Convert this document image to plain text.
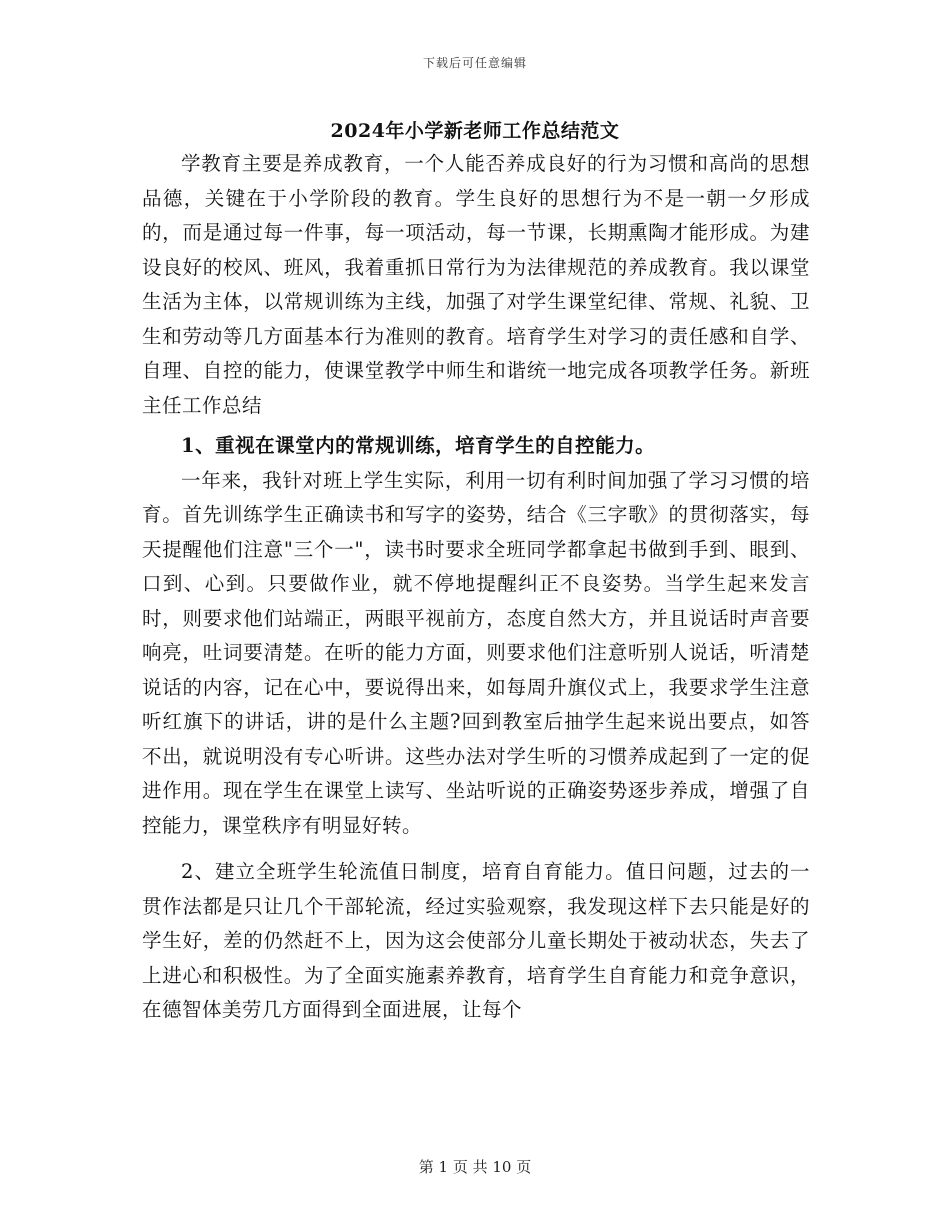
下载后可任意编辑
2024年小学新老师工作总结范文

学教育主要是养成教育，一个人能否养成良好的行为习惯和高尚的思想品德，关键在于小学阶段的教育。学生良好的思想行为不是一朝一夕形成的，而是通过每一件事，每一项活动，每一节课，长期熏陶才能形成。为建设良好的校风、班风，我着重抓日常行为为法律规范的养成教育。我以课堂生活为主体，以常规训练为主线，加强了对学生课堂纪律、常规、礼貌、卫生和劳动等几方面基本行为准则的教育。培育学生对学习的责任感和自学、自理、自控的能力，使课堂教学中师生和谐统一地完成各项教学任务。新班主任工作总结

1、重视在课堂内的常规训练，培育学生的自控能力。

一年来，我针对班上学生实际，利用一切有利时间加强了学习习惯的培育。首先训练学生正确读书和写字的姿势，结合《三字歌》的贯彻落实，每天提醒他们注意"三个一"，读书时要求全班同学都拿起书做到手到、眼到、口到、心到。只要做作业，就不停地提醒纠正不良姿势。当学生起来发言时，则要求他们站端正，两眼平视前方，态度自然大方，并且说话时声音要响亮，吐词要清楚。在听的能力方面，则要求他们注意听别人说话，听清楚说话的内容，记在心中，要说得出来，如每周升旗仪式上，我要求学生注意听红旗下的讲话，讲的是什么主题?回到教室后抽学生起来说出要点，如答不出，就说明没有专心听讲。这些办法对学生听的习惯养成起到了一定的促进作用。现在学生在课堂上读写、坐站听说的正确姿势逐步养成，增强了自控能力，课堂秩序有明显好转。

2、建立全班学生轮流值日制度，培育自育能力。值日问题，过去的一贯作法都是只让几个干部轮流，经过实验观察，我发现这样下去只能是好的学生好，差的仍然赶不上，因为这会使部分儿童长期处于被动状态，失去了上进心和积极性。为了全面实施素养教育，培育学生自育能力和竞争意识，在德智体美劳几方面得到全面进展，让每个

第 1 页 共 10 页
